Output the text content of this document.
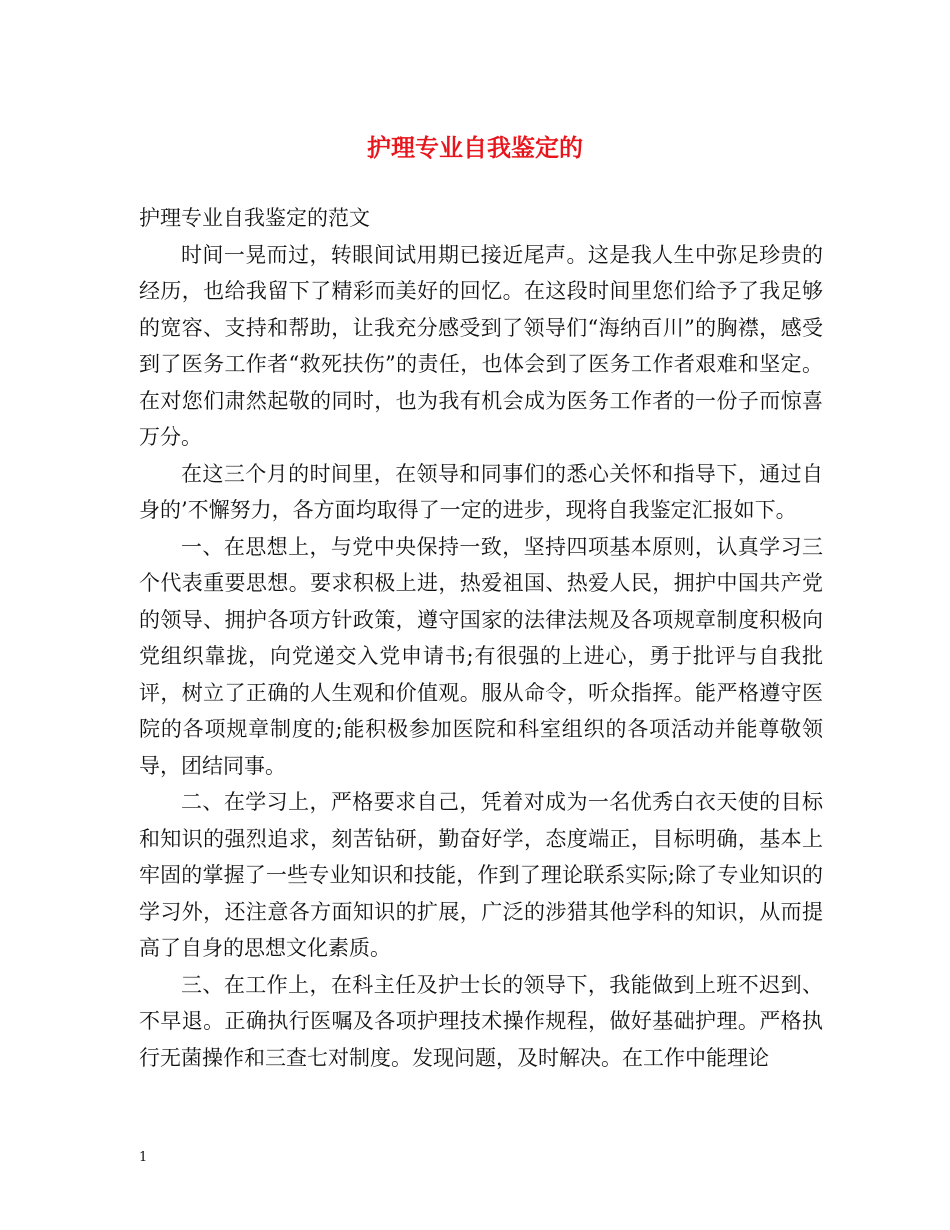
护理专业自我鉴定的

护理专业自我鉴定的范文

时间一晃而过，转眼间试用期已接近尾声。这是我人生中弥足珍贵的经历，也给我留下了精彩而美好的回忆。在这段时间里您们给予了我足够的宽容、支持和帮助，让我充分感受到了领导们“海纳百川”的胸襟，感受到了医务工作者“救死扶伤”的责任，也体会到了医务工作者艰难和坚定。在对您们肃然起敬的同时，也为我有机会成为医务工作者的一份子而惊喜万分。

在这三个月的时间里，在领导和同事们的悉心关怀和指导下，通过自身的’不懈努力，各方面均取得了一定的进步，现将自我鉴定汇报如下。

一、在思想上，与党中央保持一致，坚持四项基本原则，认真学习三个代表重要思想。要求积极上进，热爱祖国、热爱人民，拥护中国共产党的领导、拥护各项方针政策，遵守国家的法律法规及各项规章制度积极向党组织靠拢，向党递交入党申请书;有很强的上进心，勇于批评与自我批评，树立了正确的人生观和价值观。服从命令，听众指挥。能严格遵守医院的各项规章制度的;能积极参加医院和科室组织的各项活动并能尊敬领导，团结同事。

二、在学习上，严格要求自己，凭着对成为一名优秀白衣天使的目标和知识的强烈追求，刻苦钻研，勤奋好学，态度端正，目标明确，基本上牢固的掌握了一些专业知识和技能，作到了理论联系实际;除了专业知识的学习外，还注意各方面知识的扩展，广泛的涉猎其他学科的知识，从而提高了自身的思想文化素质。

三、在工作上，在科主任及护士长的领导下，我能做到上班不迟到、不早退。正确执行医嘱及各项护理技术操作规程，做好基础护理。严格执行无菌操作和三查七对制度。发现问题，及时解决。在工作中能理论

1
